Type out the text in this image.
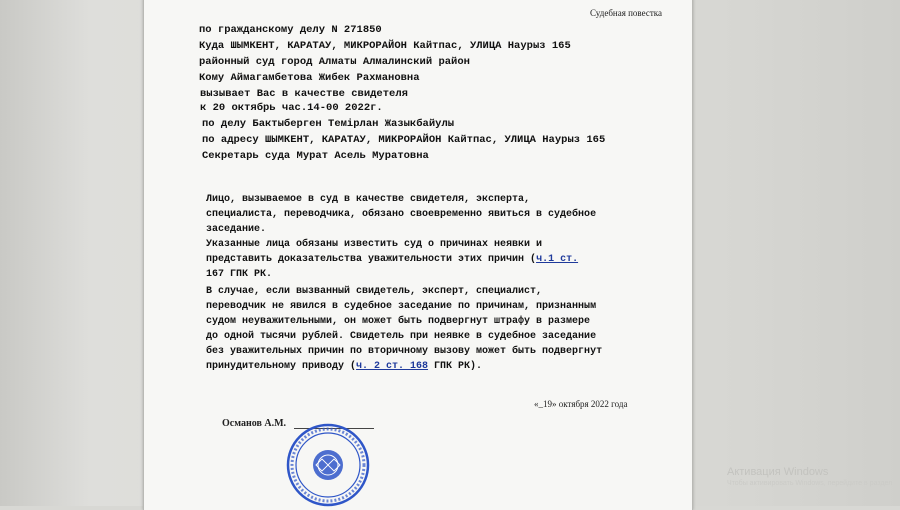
Судебная повестка
по гражданскому делу N 271850
Куда ШЫМКЕНТ, КАРАТАУ, МИКРОРАЙОН Кайтпас, УЛИЦА Наурыз 165
районный суд город Алматы Алмалинский район
Кому Аймагамбетова Жибек Рахмановна
вызывает Вас в качестве свидетеля
к 20 октябрь час.14-00 2022г.
по делу Бактыберген Темірлан Жазыкбайулы
по адресу ШЫМКЕНТ, КАРАТАУ, МИКРОРАЙОН Кайтпас, УЛИЦА Наурыз 165
Секретарь суда Мурат Асель Муратовна
Лицо, вызываемое в суд в качестве свидетеля, эксперта,
специалиста, переводчика, обязано своевременно явиться в судебное
заседание.
Указанные лица обязаны известить суд о причинах неявки и
представить доказательства уважительности этих причин (ч.1 ст.
167 ГПК РК.
В случае, если вызванный свидетель, эксперт, специалист,
переводчик не явился в судебное заседание по причинам, признанным
судом неуважительными, он может быть подвергнут штрафу в размере
до одной тысячи рублей. Свидетель при неявке в судебное заседание
без уважительных причин по вторичному вызову может быть подвергнут
принудительному приводу (ч. 2 ст. 168 ГПК РК).
«_19» октября 2022 года
Османов А.М.
Активация Windows
Чтобы активировать Windows, перейдите в раздел
